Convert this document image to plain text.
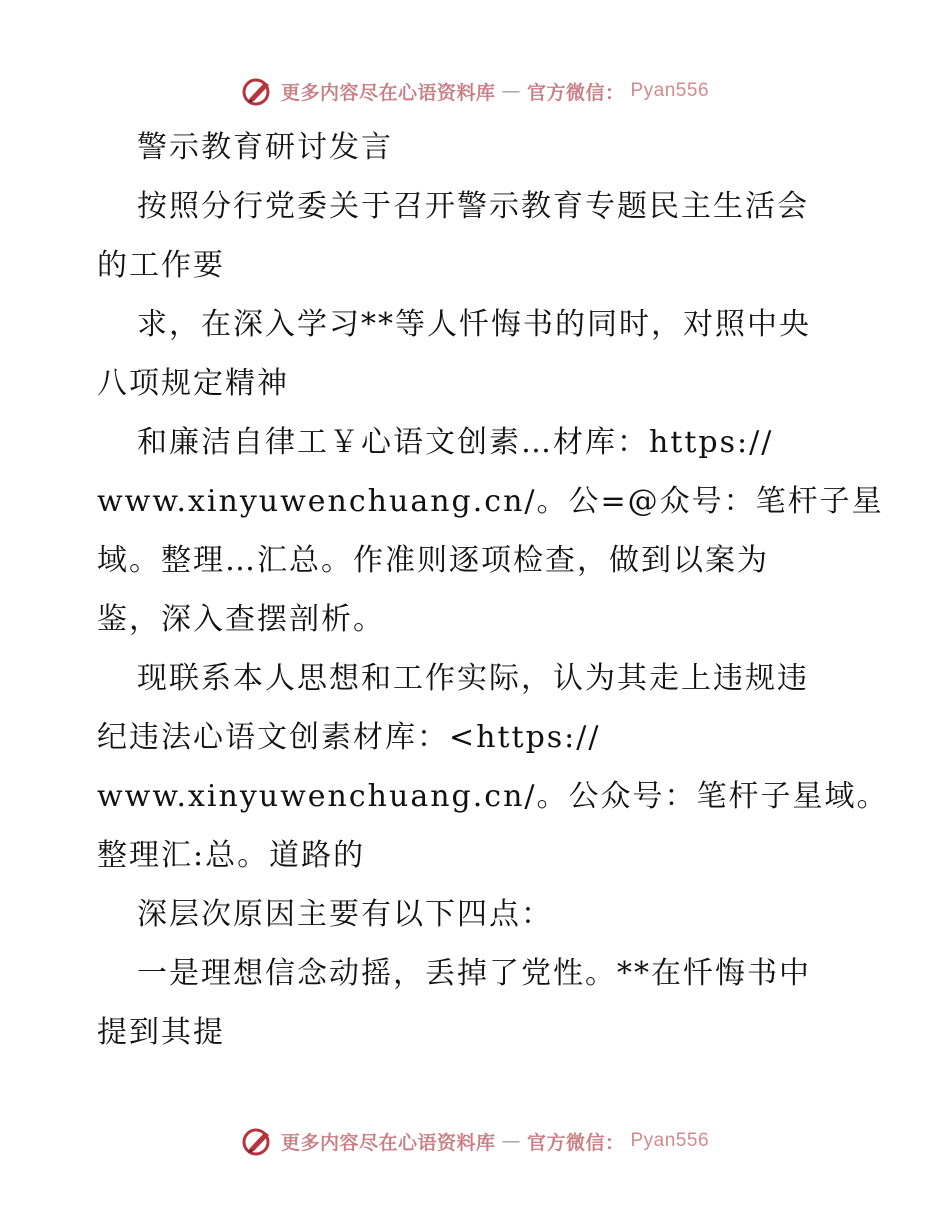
更多内容尽在心语资料库 — 官方微信： Pyan556

警示教育研讨发言

按照分行党委关于召开警示教育专题民主生活会

的工作要

求，在深入学习**等人忏悔书的同时，对照中央

八项规定精神

和廉洁自律工￥心语文创素…材库：https://

www.xinyuwenchuang.cn/。公=@众号：笔杆子星

域。整理…汇总。作准则逐项检查，做到以案为

鉴，深入查摆剖析。

现联系本人思想和工作实际，认为其走上违规违

纪违法心语文创素材库：<https://

www.xinyuwenchuang.cn/。公众号：笔杆子星域。

整理汇:总。道路的

深层次原因主要有以下四点：

一是理想信念动摇，丢掉了党性。**在忏悔书中

提到其提

更多内容尽在心语资料库 — 官方微信： Pyan556
